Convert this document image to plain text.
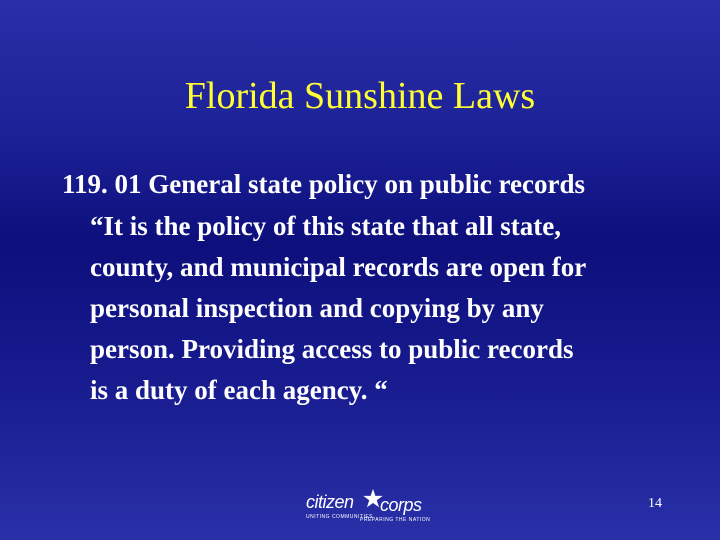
Florida Sunshine Laws
119. 01 General state policy on public records
“It is the policy of this state that all state,
county, and municipal records are open for
personal inspection and copying by any
person. Providing access to public records
is a duty of each agency. “
citizen corps
UNITING COMMUNITIES
PREPARING THE NATION
14
